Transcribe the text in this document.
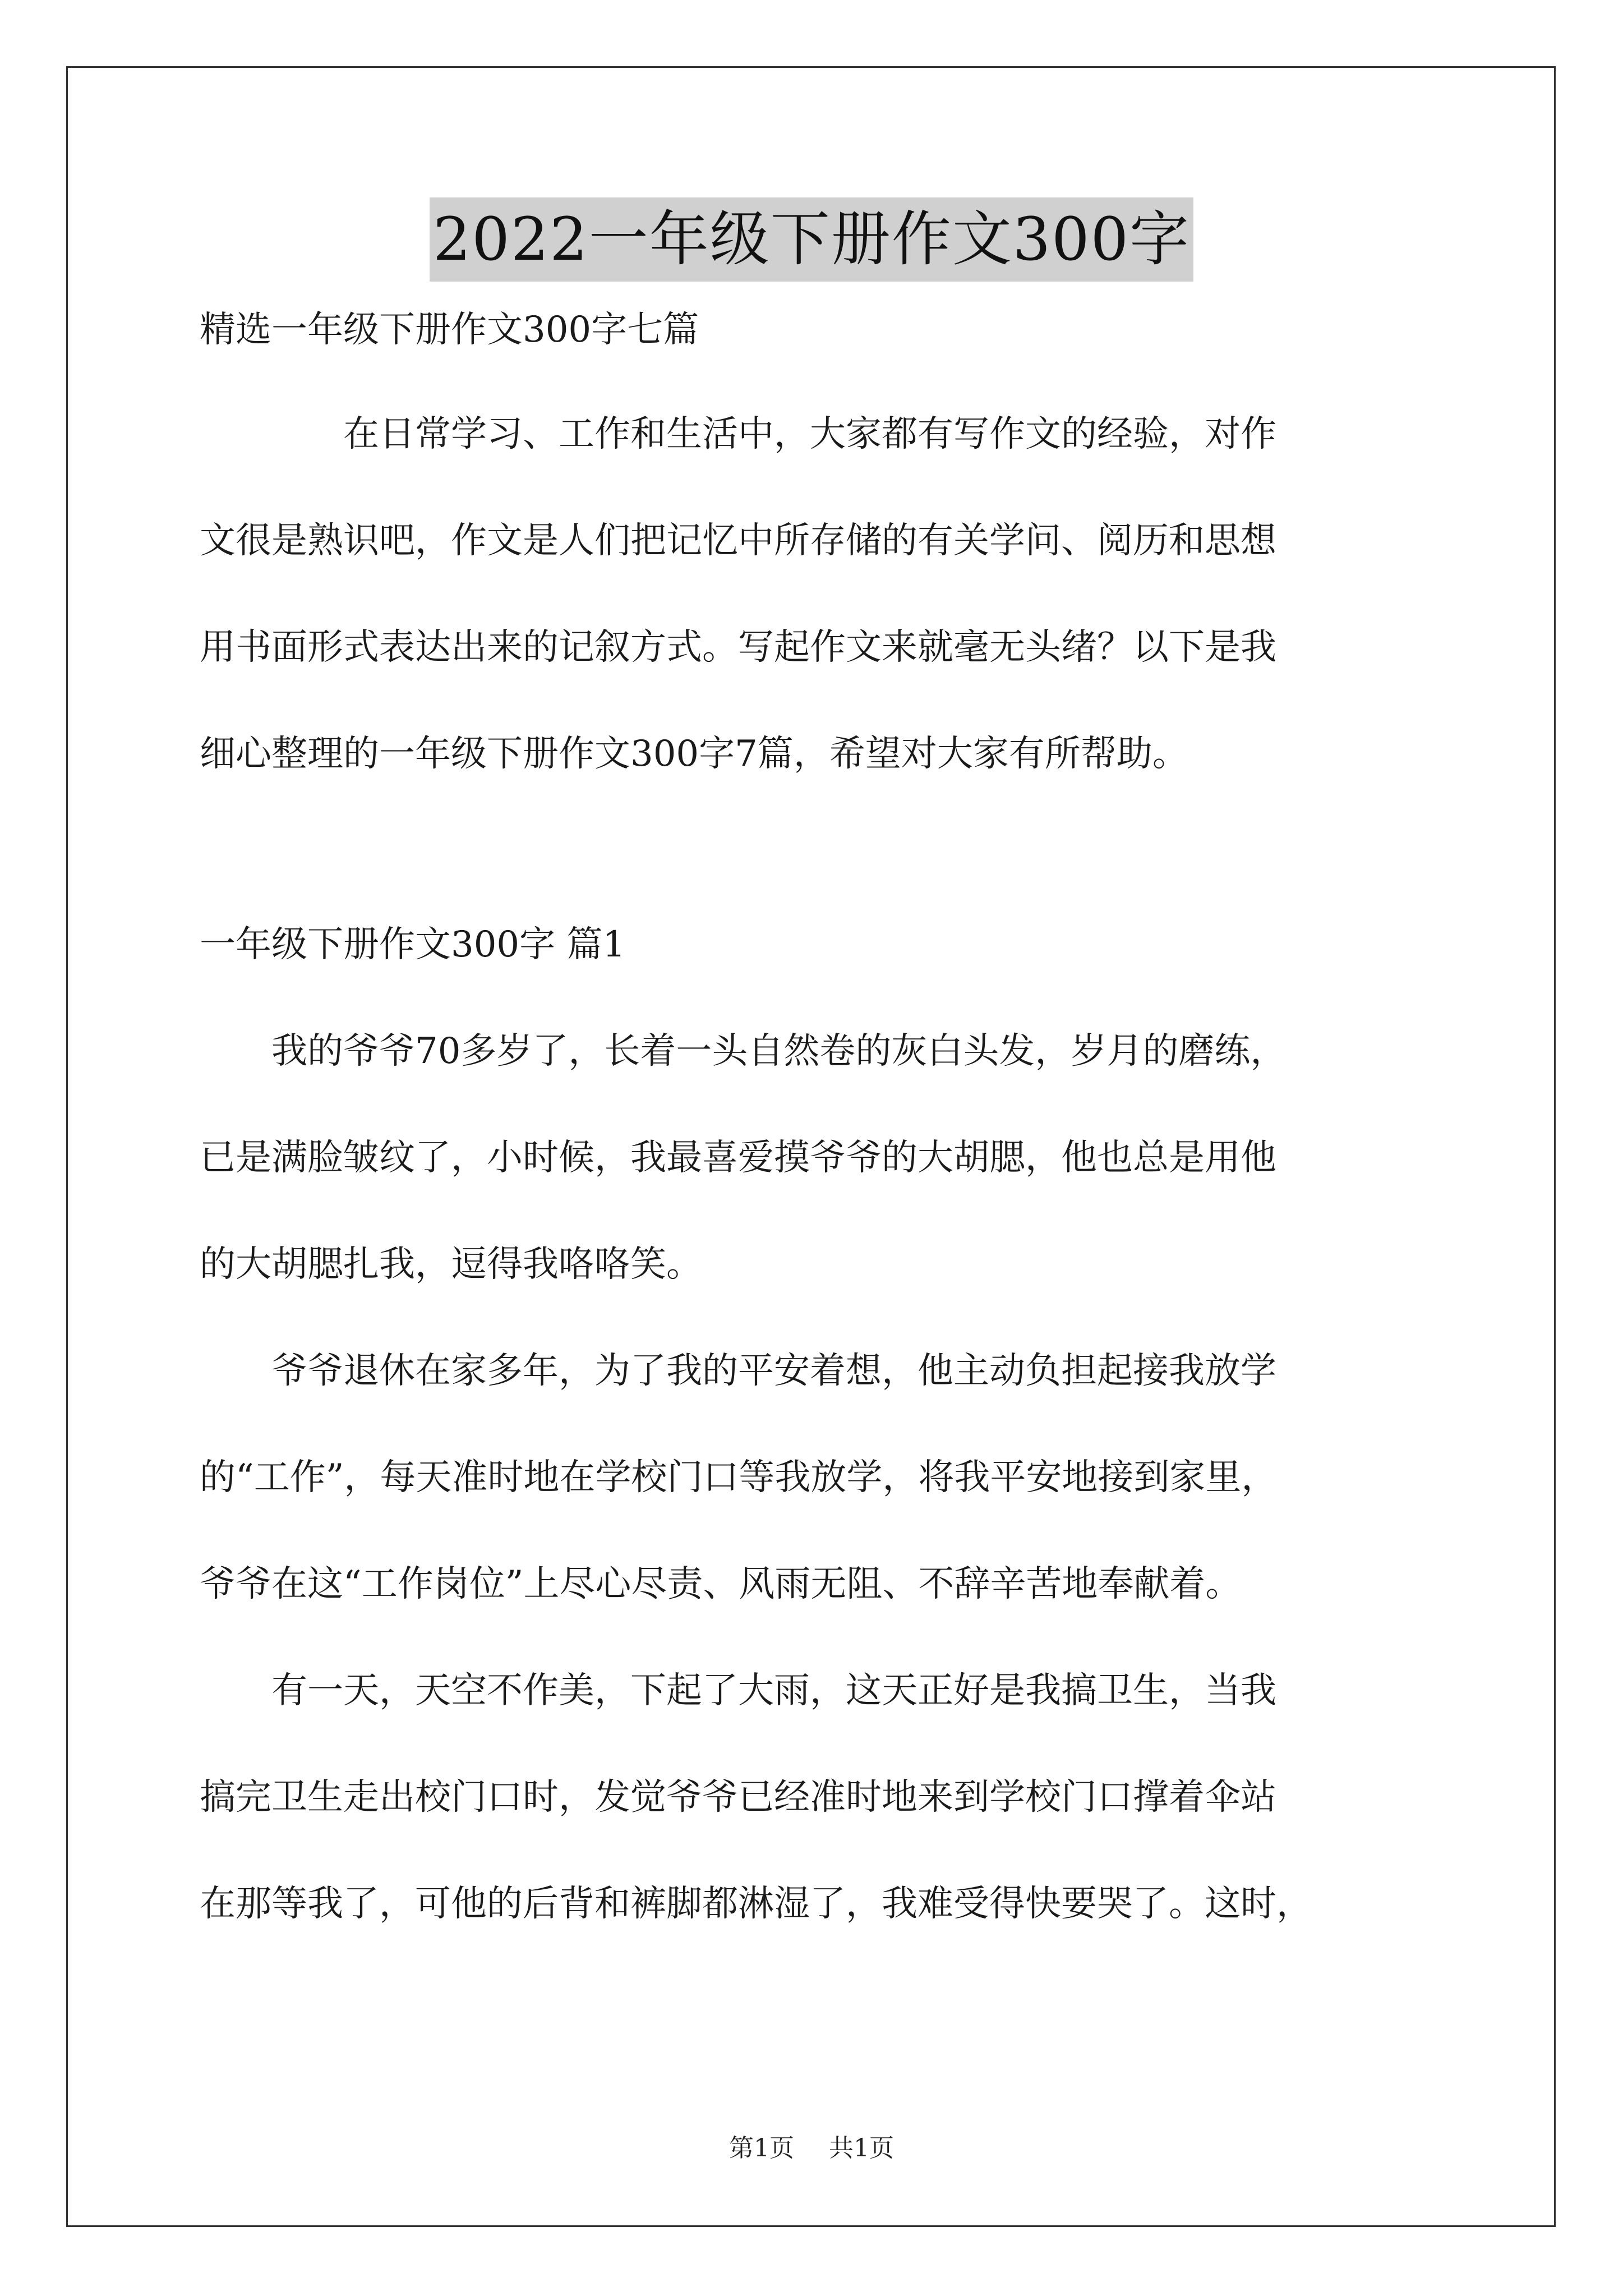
2022一年级下册作文300字

精选一年级下册作文300字七篇

　　　　在日常学习、工作和生活中，大家都有写作文的经验，对作

文很是熟识吧，作文是人们把记忆中所存储的有关学问、阅历和思想

用书面形式表达出来的记叙方式。写起作文来就毫无头绪？以下是我

细心整理的一年级下册作文300字7篇，希望对大家有所帮助。

一年级下册作文300字 篇1

　　我的爷爷70多岁了，长着一头自然卷的灰白头发，岁月的磨练，

已是满脸皱纹了，小时候，我最喜爱摸爷爷的大胡腮，他也总是用他

的大胡腮扎我，逗得我咯咯笑。

　　爷爷退休在家多年，为了我的平安着想，他主动负担起接我放学

的“工作”，每天准时地在学校门口等我放学，将我平安地接到家里，

爷爷在这“工作岗位”上尽心尽责、风雨无阻、不辞辛苦地奉献着。

　　有一天，天空不作美，下起了大雨，这天正好是我搞卫生，当我

搞完卫生走出校门口时，发觉爷爷已经准时地来到学校门口撑着伞站

在那等我了，可他的后背和裤脚都淋湿了，我难受得快要哭了。这时，

第1页 共1页
